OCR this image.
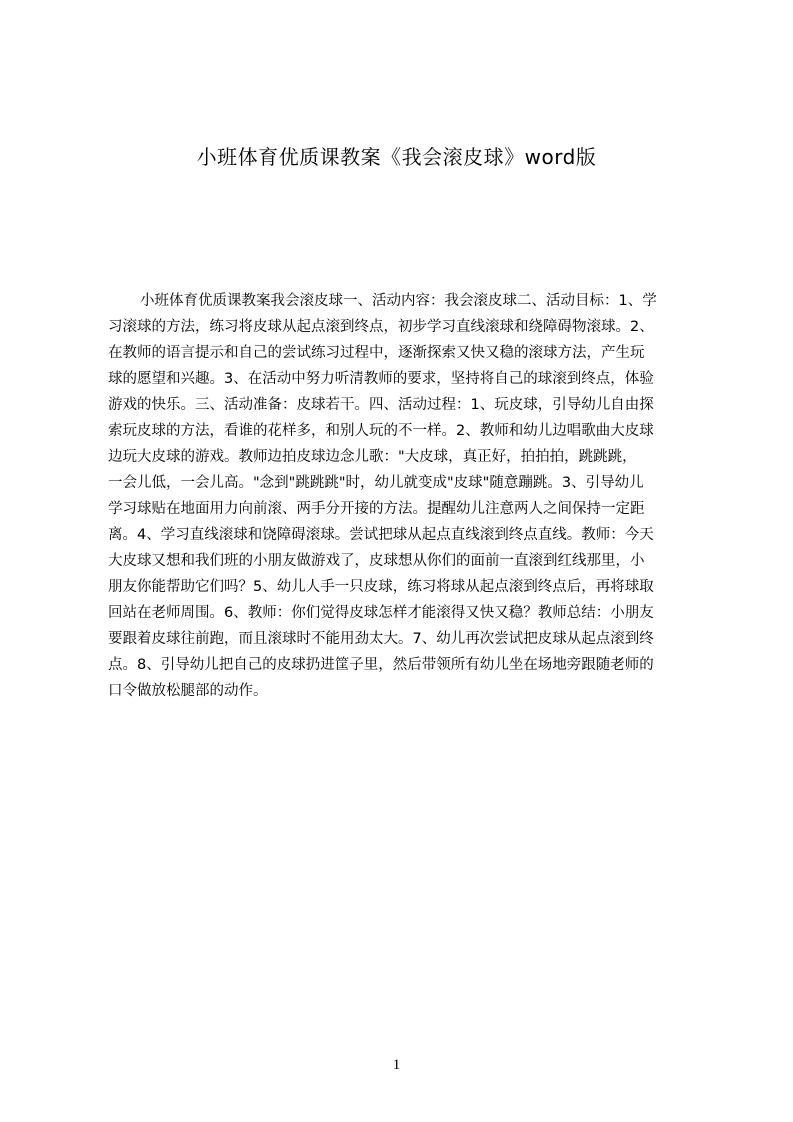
小班体育优质课教案《我会滚皮球》word版
小班体育优质课教案我会滚皮球一、活动内容：我会滚皮球二、活动目标：1、学
习滚球的方法，练习将皮球从起点滚到终点，初步学习直线滚球和绕障碍物滚球。2、
在教师的语言提示和自己的尝试练习过程中，逐渐探索又快又稳的滚球方法，产生玩
球的愿望和兴趣。3、在活动中努力听清教师的要求，坚持将自己的球滚到终点，体验
游戏的快乐。三、活动准备：皮球若干。四、活动过程：1、玩皮球，引导幼儿自由探
索玩皮球的方法，看谁的花样多，和别人玩的不一样。2、教师和幼儿边唱歌曲大皮球
边玩大皮球的游戏。教师边拍皮球边念儿歌："大皮球，真正好，拍拍拍，跳跳跳，
一会儿低，一会儿高。"念到"跳跳跳"时，幼儿就变成"皮球"随意蹦跳。3、引导幼儿
学习球贴在地面用力向前滚、两手分开接的方法。提醒幼儿注意两人之间保持一定距
离。4、学习直线滚球和饶障碍滚球。尝试把球从起点直线滚到终点直线。教师：今天
大皮球又想和我们班的小朋友做游戏了，皮球想从你们的面前一直滚到红线那里，小
朋友你能帮助它们吗？5、幼儿人手一只皮球，练习将球从起点滚到终点后，再将球取
回站在老师周围。6、教师：你们觉得皮球怎样才能滚得又快又稳？教师总结：小朋友
要跟着皮球往前跑，而且滚球时不能用劲太大。7、幼儿再次尝试把皮球从起点滚到终
点。8、引导幼儿把自己的皮球扔进筐子里，然后带领所有幼儿坐在场地旁跟随老师的
口令做放松腿部的动作。
1
